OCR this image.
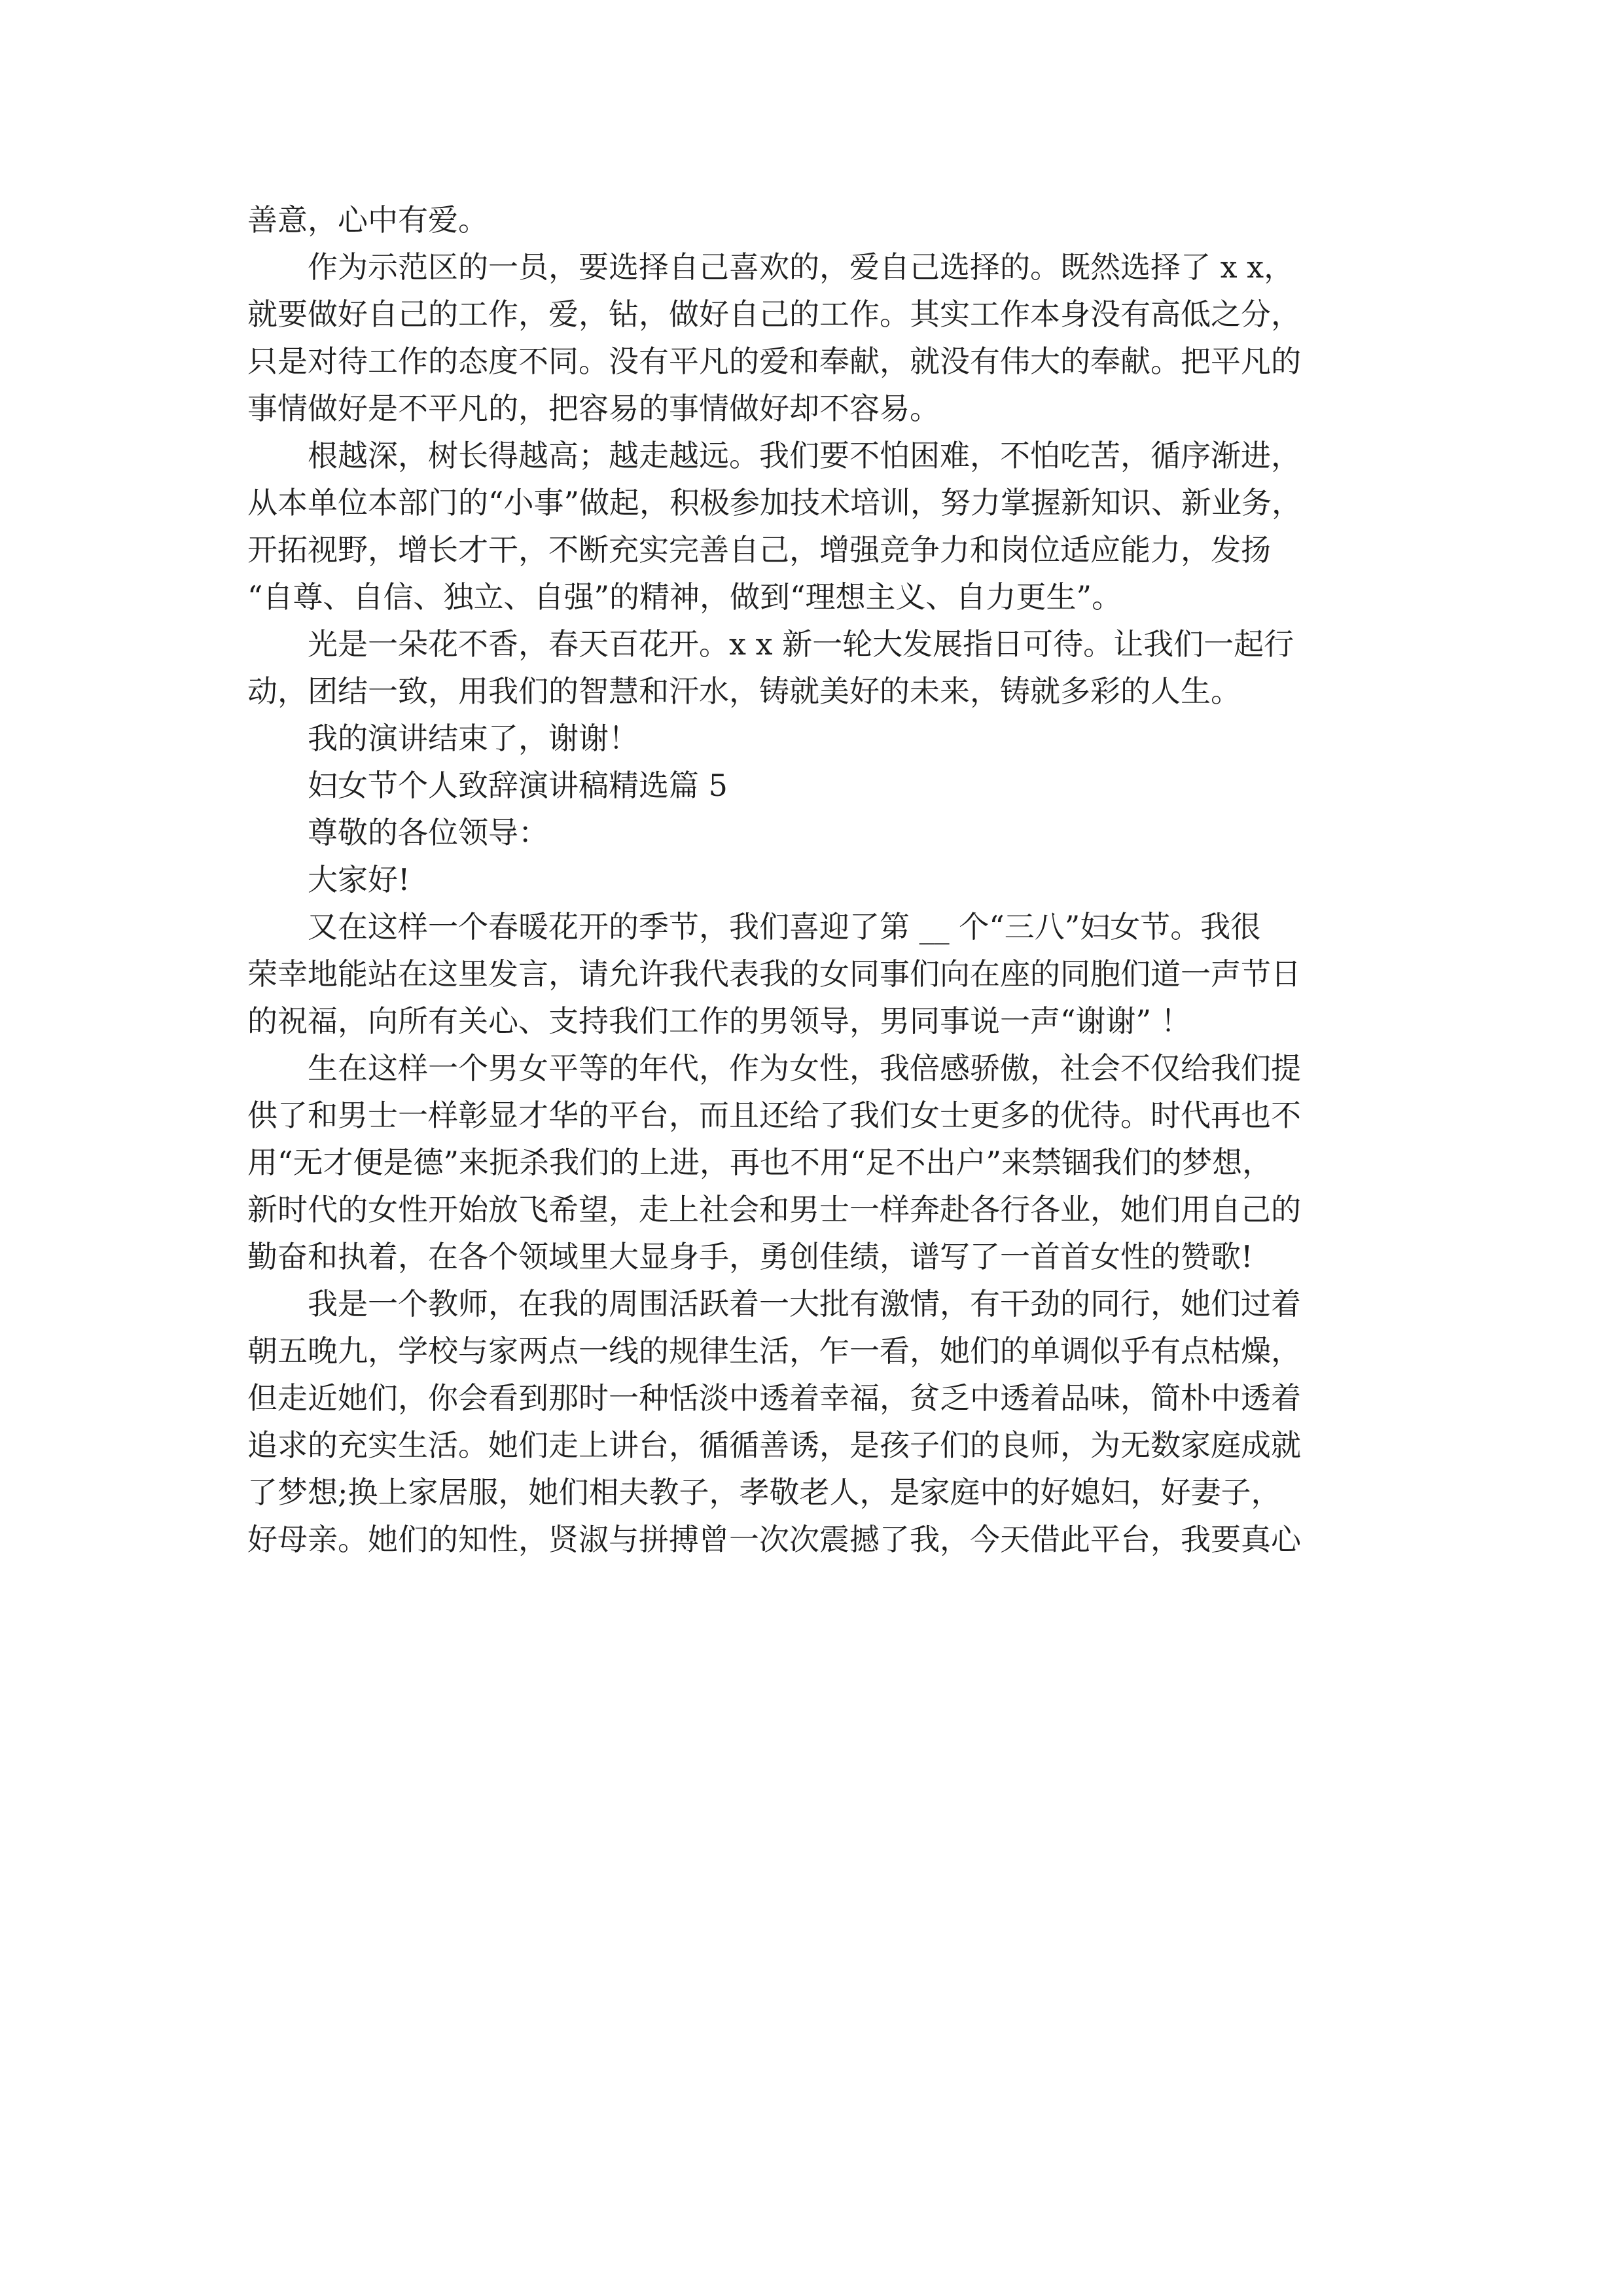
善意，心中有爱。
作为示范区的一员，要选择自己喜欢的，爱自己选择的。既然选择了 x x，
就要做好自己的工作，爱，钻，做好自己的工作。其实工作本身没有高低之分，
只是对待工作的态度不同。没有平凡的爱和奉献，就没有伟大的奉献。把平凡的
事情做好是不平凡的，把容易的事情做好却不容易。
根越深，树长得越高；越走越远。我们要不怕困难，不怕吃苦，循序渐进，
从本单位本部门的“小事”做起，积极参加技术培训，努力掌握新知识、新业务，
开拓视野，增长才干，不断充实完善自己，增强竞争力和岗位适应能力，发扬
“自尊、自信、独立、自强”的精神，做到“理想主义、自力更生”。
光是一朵花不香，春天百花开。x x 新一轮大发展指日可待。让我们一起行
动，团结一致，用我们的智慧和汗水，铸就美好的未来，铸就多彩的人生。
我的演讲结束了，谢谢！
妇女节个人致辞演讲稿精选篇 5
尊敬的各位领导：
大家好!
又在这样一个春暖花开的季节，我们喜迎了第 __ 个“三八”妇女节。我很
荣幸地能站在这里发言，请允许我代表我的女同事们向在座的同胞们道一声节日
的祝福，向所有关心、支持我们工作的男领导，男同事说一声“谢谢” ！
生在这样一个男女平等的年代，作为女性，我倍感骄傲，社会不仅给我们提
供了和男士一样彰显才华的平台，而且还给了我们女士更多的优待。时代再也不
用“无才便是德”来扼杀我们的上进，再也不用“足不出户”来禁锢我们的梦想，
新时代的女性开始放飞希望，走上社会和男士一样奔赴各行各业，她们用自己的
勤奋和执着，在各个领域里大显身手，勇创佳绩，谱写了一首首女性的赞歌!
我是一个教师，在我的周围活跃着一大批有激情，有干劲的同行，她们过着
朝五晚九，学校与家两点一线的规律生活，乍一看，她们的单调似乎有点枯燥，
但走近她们，你会看到那时一种恬淡中透着幸福，贫乏中透着品味，简朴中透着
追求的充实生活。她们走上讲台，循循善诱，是孩子们的良师，为无数家庭成就
了梦想;换上家居服，她们相夫教子，孝敬老人，是家庭中的好媳妇，好妻子，
好母亲。她们的知性，贤淑与拼搏曾一次次震撼了我，今天借此平台，我要真心
